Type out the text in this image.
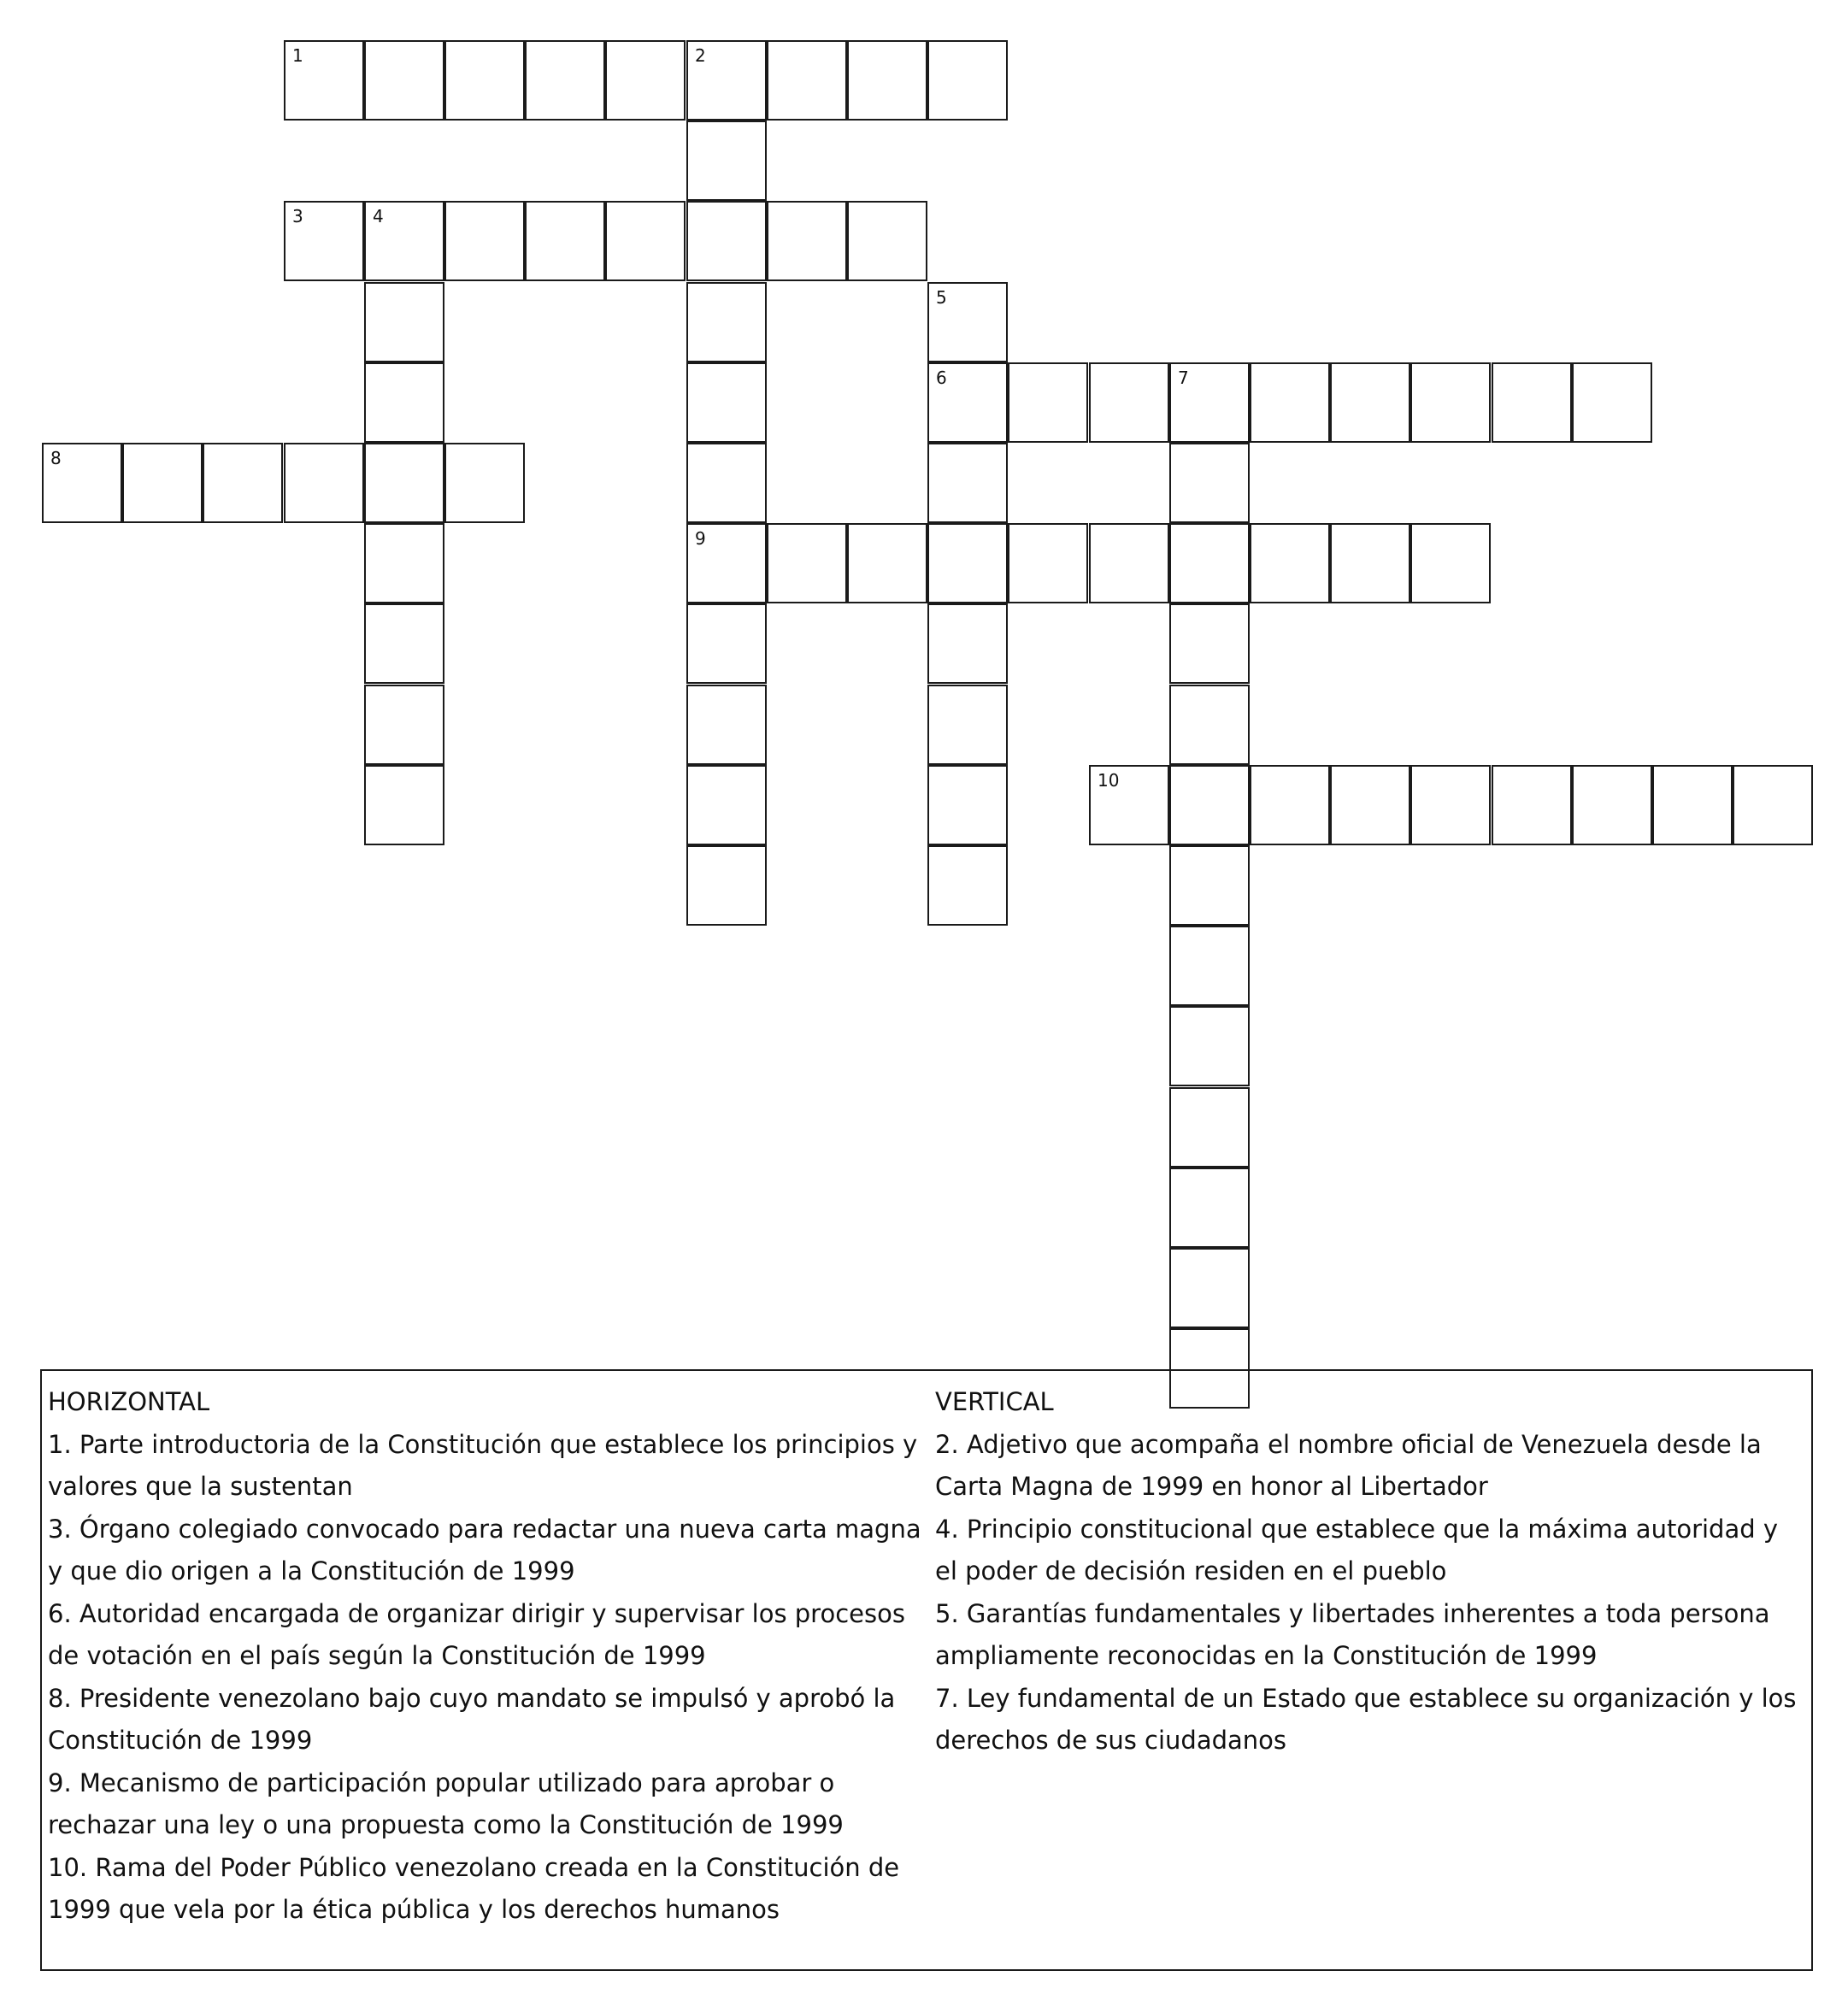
1	2
9
3	4
5
6	7
8
10

HORIZONTAL

1. Parte introductoria de la Constitución que establece los principios y valores que la sustentan

3. Órgano colegiado convocado para redactar una nueva carta magna y que dio origen a la Constitución de 1999

6. Autoridad encargada de organizar dirigir y supervisar los procesos de votación en el país según la Constitución de 1999

8. Presidente venezolano bajo cuyo mandato se impulsó y aprobó la Constitución de 1999

9. Mecanismo de participación popular utilizado para aprobar o rechazar una ley o una propuesta como la Constitución de 1999

10. Rama del Poder Público venezolano creada en la Constitución de 1999 que vela por la ética pública y los derechos humanos

VERTICAL

2. Adjetivo que acompaña el nombre oficial de Venezuela desde la Carta Magna de 1999 en honor al Libertador

4. Principio constitucional que establece que la máxima autoridad y el poder de decisión residen en el pueblo

5. Garantías fundamentales y libertades inherentes a toda persona ampliamente reconocidas en la Constitución de 1999

7. Ley fundamental de un Estado que establece su organización y los derechos de sus ciudadanos
